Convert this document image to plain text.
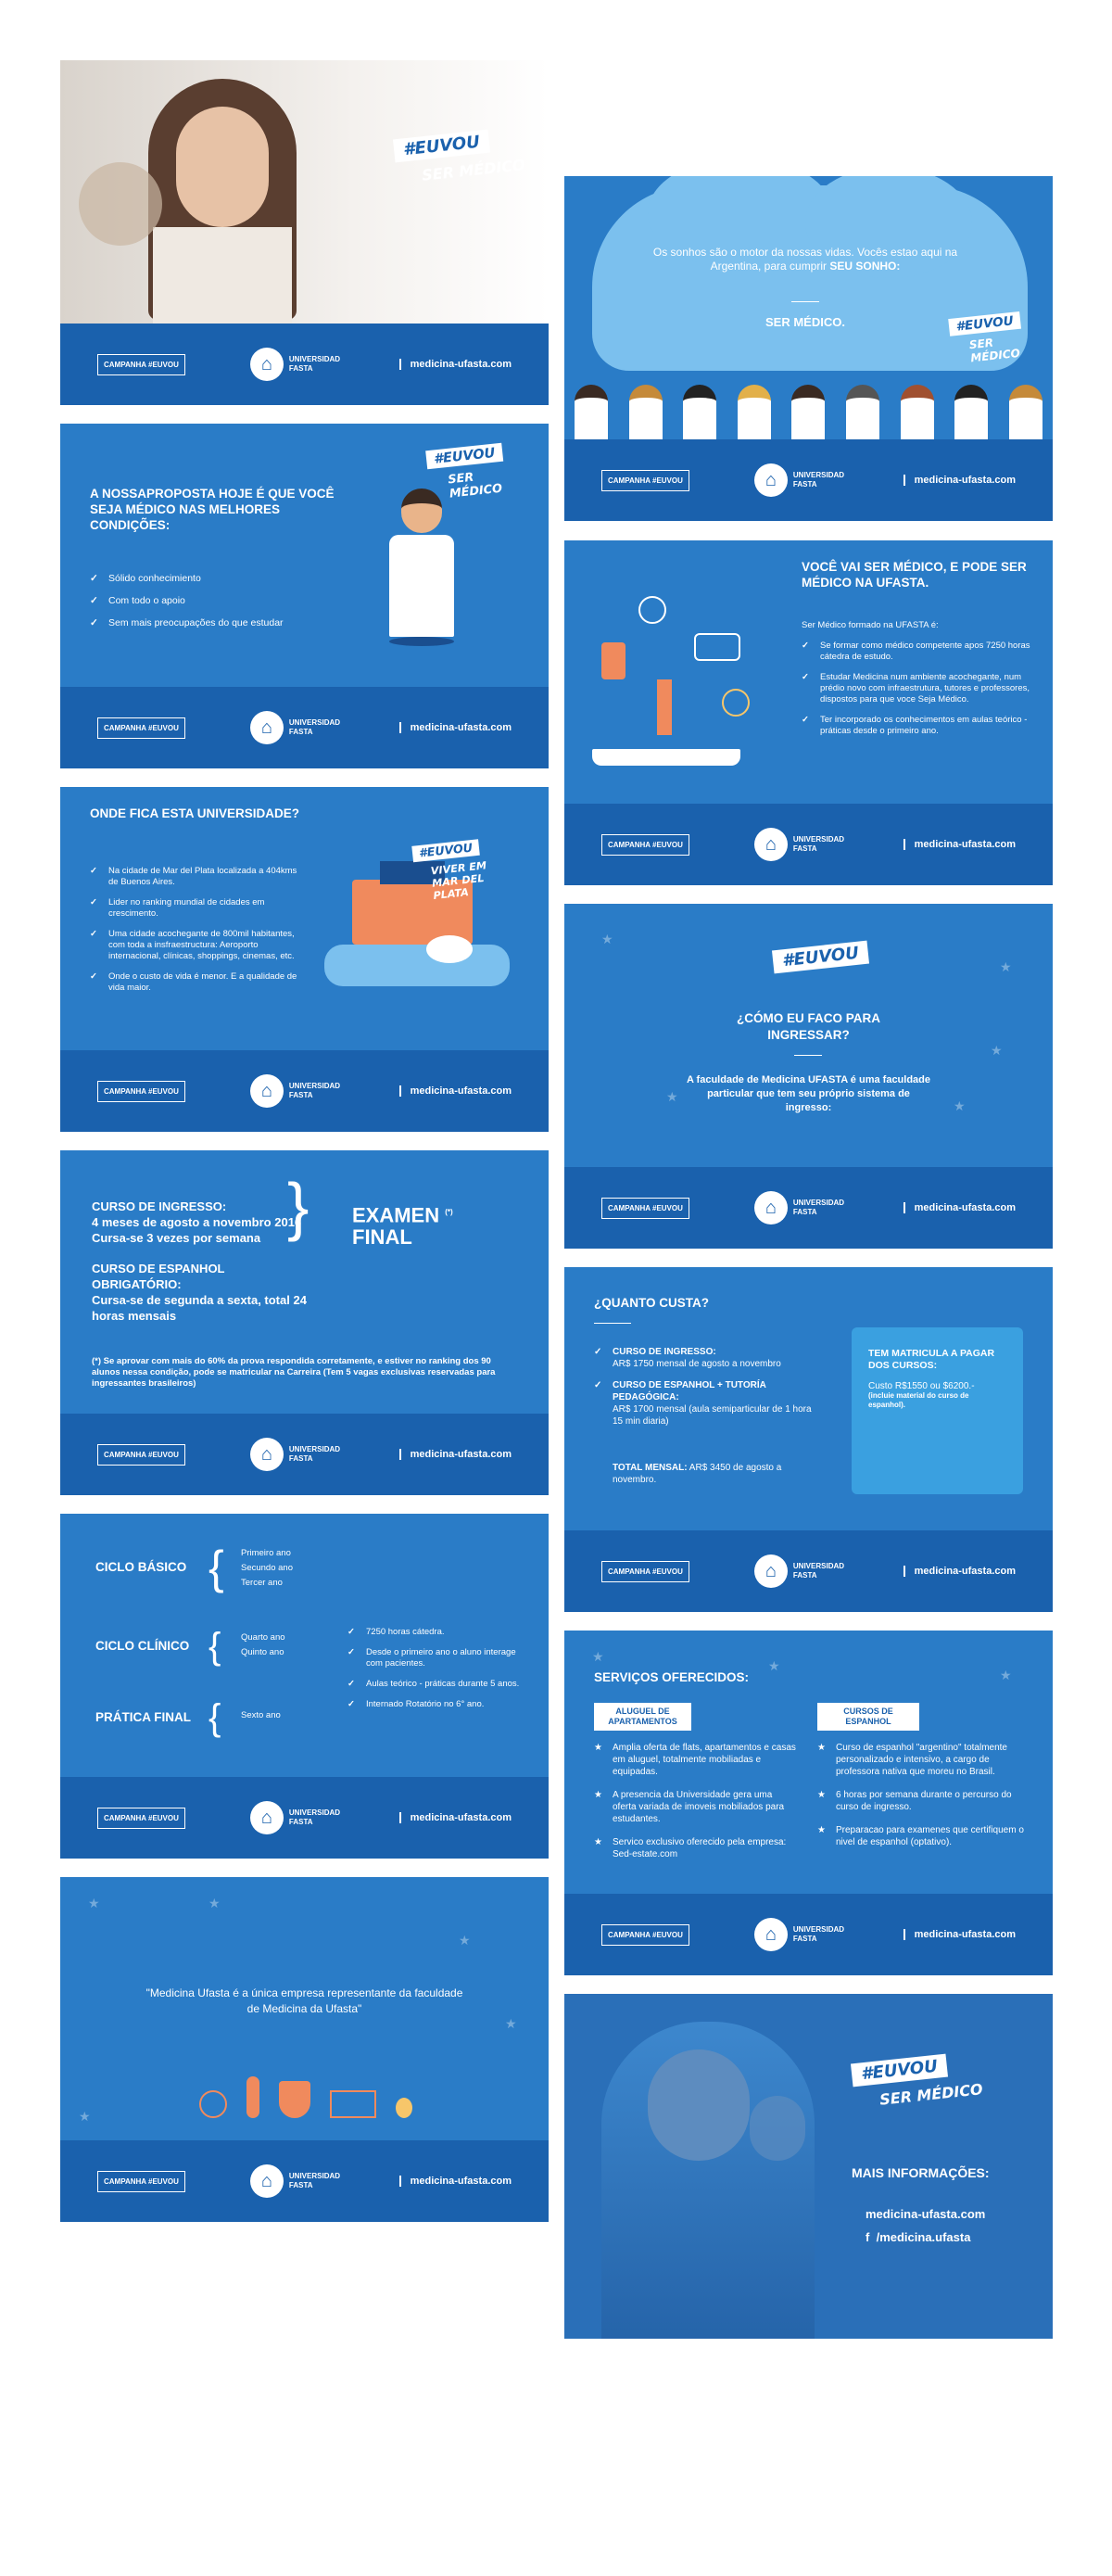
#EUVOU
SER MÉDICO
CAMPANHA #EUVOU	⌂	UNIVERSIDAD
FASTA	medicina-ufasta.com
Os sonhos são o motor da nossas vidas. Vocês estao aqui na Argentina, para cumprir SEU SONHO:
SER MÉDICO.	#EUVOU
SER MÉDICO
CAMPANHA #EUVOU	⌂	UNIVERSIDAD
FASTA	medicina-ufasta.com
A NOSSAPROPOSTA HOJE É QUE VOCÊ SEJA MÉDICO NAS MELHORES CONDIÇÕES:
✓ Sólido conhecimiento
✓ Com todo o apoio
✓ Sem mais preocupações do que estudar
#EUVOU
SER MÉDICO
CAMPANHA #EUVOU	⌂	UNIVERSIDAD
FASTA	medicina-ufasta.com
VOCÊ VAI SER MÉDICO, E PODE SER MÉDICO NA UFASTA.
Ser Médico formado na UFASTA é:
✓ Se formar como médico competente apos 7250 horas cátedra de estudo.
✓ Estudar Medicina num ambiente acochegante, num prédio novo com infraestrutura, tutores e professores, dispostos para que voce Seja Médico.
✓ Ter incorporado os conhecimentos em aulas teórico - práticas desde o primeiro ano.
CAMPANHA #EUVOU	⌂	UNIVERSIDAD
FASTA	medicina-ufasta.com
ONDE FICA ESTA UNIVERSIDADE?
✓ Na cidade de Mar del Plata localizada a 404kms de Buenos Aires.
✓ Lider no ranking mundial de cidades em crescimento.
✓ Uma cidade acochegante de 800mil habitantes, com toda a insfraestructura: Aeroporto internacional, clínicas, shoppings, cinemas, etc.
✓ Onde o custo de vida é menor. E a qualidade de vida maior.
#EUVOU
VIVER EM MAR DEL PLATA
CAMPANHA #EUVOU	⌂	UNIVERSIDAD
FASTA	medicina-ufasta.com
★
★
★
★
★
#EUVOU
¿CÓMO EU FACO PARA INGRESSAR?
A faculdade de Medicina UFASTA é uma faculdade particular que tem seu próprio sistema de ingresso:
CAMPANHA #EUVOU	⌂	UNIVERSIDAD
FASTA	medicina-ufasta.com
CURSO DE INGRESSO:
4 meses de agosto a novembro 2016
Cursa-se 3 vezes por semana
CURSO DE ESPANHOL OBRIGATÓRIO:
Cursa-se de segunda a sexta, total 24 horas mensais
} EXAMEN (*)
FINAL
(*) Se aprovar com mais do 60% da prova respondida corretamente, e estiver no ranking dos 90 alunos nessa condição, pode se matricular na Carreira (Tem 5 vagas exclusivas reservadas para ingressantes brasileiros)
CAMPANHA #EUVOU	⌂	UNIVERSIDAD
FASTA	medicina-ufasta.com
¿QUANTO CUSTA?
✓ CURSO DE INGRESSO:
AR$ 1750 mensal de agosto a novembro
✓ CURSO DE ESPANHOL + TUTORÍA PEDAGÓGICA:
AR$ 1700 mensal (aula semiparticular de 1 hora 15 min diaria)
TOTAL MENSAL: AR$ 3450 de agosto a novembro.
TEM MATRICULA A PAGAR DOS CURSOS:
Custo R$1550 ou $6200.-
(incluie material do curso de espanhol).
CAMPANHA #EUVOU	⌂	UNIVERSIDAD
FASTA	medicina-ufasta.com
CICLO BÁSICO { Primeiro ano
Secundo ano
Tercer ano
CICLO CLÍNICO { Quarto ano
Quinto ano
PRÁTICA FINAL { Sexto ano
✓ 7250 horas cátedra.
✓ Desde o primeiro ano o aluno interage com pacientes.
✓ Aulas teórico - práticas durante 5 anos.
✓ Internado Rotatório no 6° ano.
CAMPANHA #EUVOU	⌂	UNIVERSIDAD
FASTA	medicina-ufasta.com
★
★
★
SERVIÇOS OFERECIDOS:
ALUGUEL DE APARTAMENTOS
CURSOS DE ESPANHOL
★ Amplia oferta de flats, apartamentos e casas em aluguel, totalmente mobiliadas e equipadas.
★ A presencia da Universidade gera uma oferta variada de imoveis mobiliados para estudantes.
★ Servico exclusivo oferecido pela empresa: Sed-estate.com
★ Curso de espanhol "argentino" totalmente personalizado e intensivo, a cargo de professora nativa que moreu no Brasil.
★ 6 horas por semana durante o percurso do curso de ingresso.
★ Preparacao para examenes que certifiquem o nivel de espanhol (optativo).
CAMPANHA #EUVOU	⌂	UNIVERSIDAD
FASTA	medicina-ufasta.com
★	★
★
★
★
"Medicina Ufasta é a única empresa representante da faculdade de Medicina da Ufasta"
CAMPANHA #EUVOU	⌂	UNIVERSIDAD
FASTA	medicina-ufasta.com
#EUVOU
SER MÉDICO
MAIS INFORMAÇÕES:
medicina-ufasta.com
f /medicina.ufasta
